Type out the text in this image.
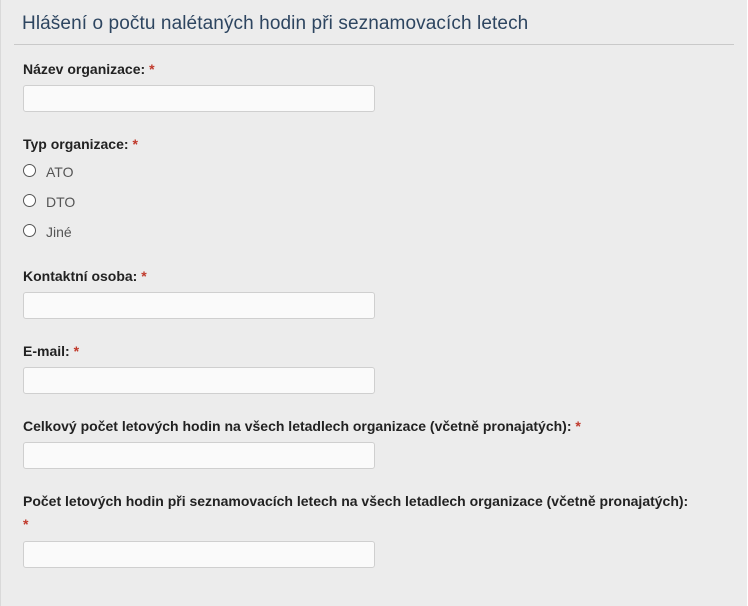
Hlášení o počtu nalétaných hodin při seznamovacích letech
Název organizace: *
Typ organizace: *
ATO
DTO
Jiné
Kontaktní osoba: *
E-mail: *
Celkový počet letových hodin na všech letadlech organizace (včetně pronajatých): *
Počet letových hodin při seznamovacích letech na všech letadlech organizace (včetně pronajatých):
*
